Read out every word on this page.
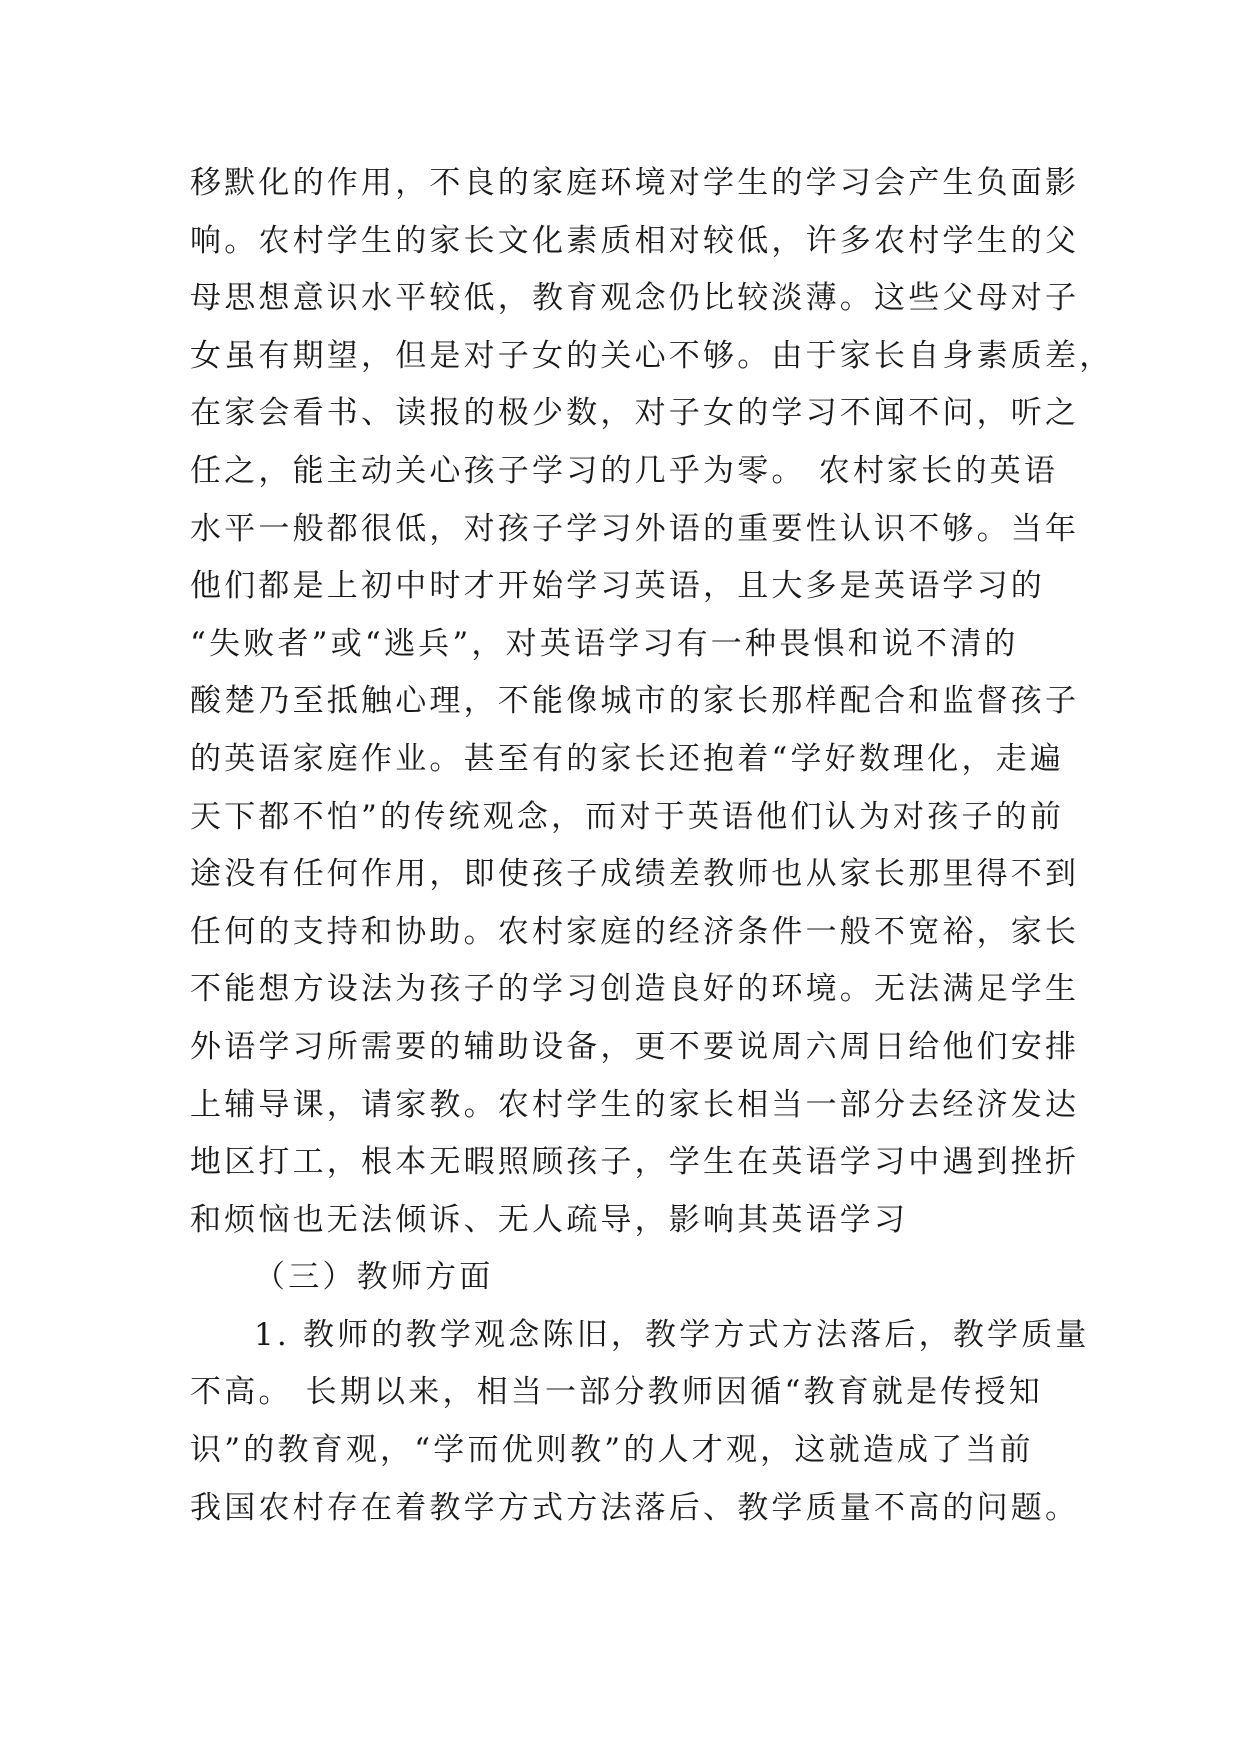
移默化的作用，不良的家庭环境对学生的学习会产生负面影
响。农村学生的家长文化素质相对较低，许多农村学生的父
母思想意识水平较低，教育观念仍比较淡薄。这些父母对子
女虽有期望，但是对子女的关心不够。由于家长自身素质差，
在家会看书、读报的极少数，对子女的学习不闻不问，听之
任之，能主动关心孩子学习的几乎为零。 农村家长的英语
水平一般都很低，对孩子学习外语的重要性认识不够。当年
他们都是上初中时才开始学习英语，且大多是英语学习的
“失败者”或“逃兵”，对英语学习有一种畏惧和说不清的
酸楚乃至抵触心理，不能像城市的家长那样配合和监督孩子
的英语家庭作业。甚至有的家长还抱着“学好数理化，走遍
天下都不怕”的传统观念，而对于英语他们认为对孩子的前
途没有任何作用，即使孩子成绩差教师也从家长那里得不到
任何的支持和协助。农村家庭的经济条件一般不宽裕，家长
不能想方设法为孩子的学习创造良好的环境。无法满足学生
外语学习所需要的辅助设备，更不要说周六周日给他们安排
上辅导课，请家教。农村学生的家长相当一部分去经济发达
地区打工，根本无暇照顾孩子，学生在英语学习中遇到挫折
和烦恼也无法倾诉、无人疏导，影响其英语学习
（三）教师方面
1. 教师的教学观念陈旧，教学方式方法落后，教学质量
不高。 长期以来，相当一部分教师因循“教育就是传授知
识”的教育观，“学而优则教”的人才观，这就造成了当前
我国农村存在着教学方式方法落后、教学质量不高的问题。
